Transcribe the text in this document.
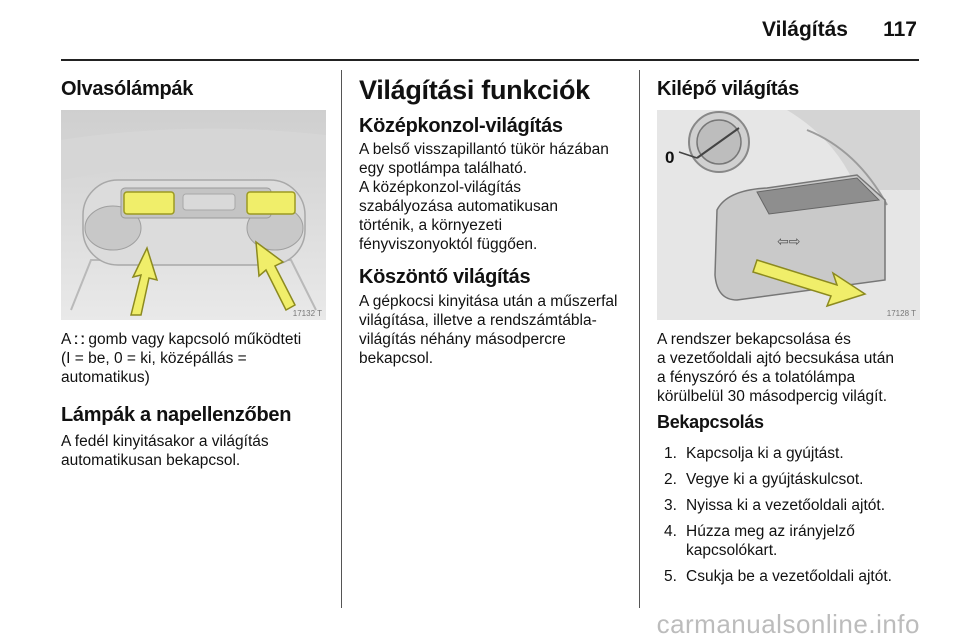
Világítás 117
Olvasólámpák
17132 T

A ⛚ gomb vagy kapcsoló működteti
(I = be, 0 = ki, középállás =
automatikus)

Lámpák a napellenzőben

A fedél kinyitásakor a világítás
automatikusan bekapcsol.

Világítási funkciók
Középkonzol-világítás

A belső visszapillantó tükör házában
egy spotlámpa található.
A középkonzol-világítás
szabályozása automatikusan
történik, a környezeti
fényviszonyoktól függően.

Köszöntő világítás

A gépkocsi kinyitása után a műszerfal
világítása, illetve a rendszámtábla-
világítás néhány másodpercre
bekapcsol.

Kilépő világítás
⇦⇨
0
17128 T

A rendszer bekapcsolása és
a vezetőoldali ajtó becsukása után
a fényszóró és a tolatólámpa
körülbelül 30 másodpercig világít.

Bekapcsolás
1. Kapcsolja ki a gyújtást.
2. Vegye ki a gyújtáskulcsot.
3. Nyissa ki a vezetőoldali ajtót.
4. Húzza meg az irányjelző
kapcsolókart.
5. Csukja be a vezetőoldali ajtót.
carmanualsonline.info
